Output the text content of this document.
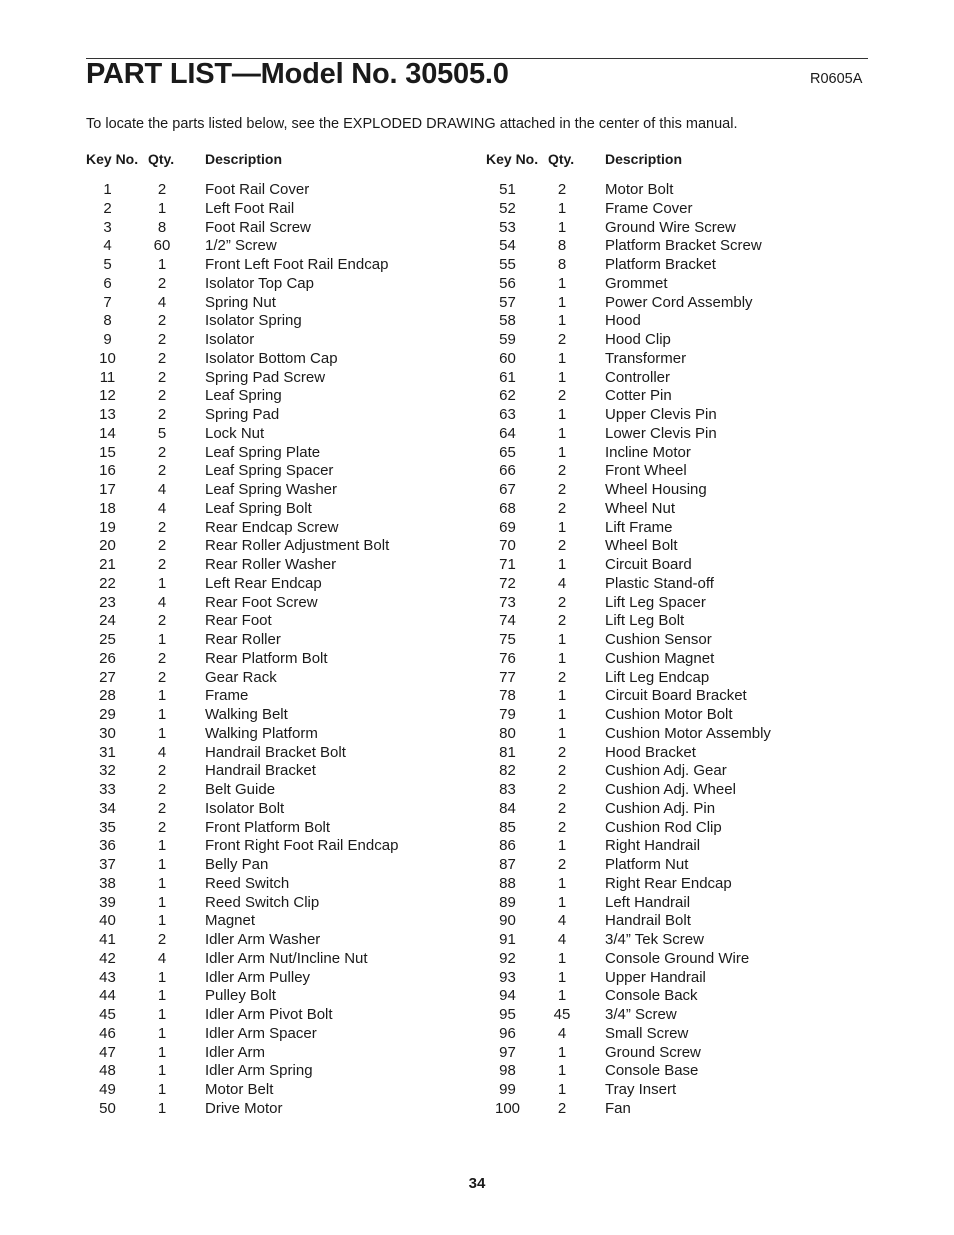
PART LIST—Model No. 30505.0	R0605A
To locate the parts listed below, see the EXPLODED DRAWING attached in the center of this manual.
Key No. Qty. Description
1	2	Foot Rail Cover
2	1	Left Foot Rail
3	8	Foot Rail Screw
4	60	1/2” Screw
5	1	Front Left Foot Rail Endcap
6	2	Isolator Top Cap
7	4	Spring Nut
8	2	Isolator Spring
9	2	Isolator
10	2	Isolator Bottom Cap
11	2	Spring Pad Screw
12	2	Leaf Spring
13	2	Spring Pad
14	5	Lock Nut
15	2	Leaf Spring Plate
16	2	Leaf Spring Spacer
17	4	Leaf Spring Washer
18	4	Leaf Spring Bolt
19	2	Rear Endcap Screw
20	2	Rear Roller Adjustment Bolt
21	2	Rear Roller Washer
22	1	Left Rear Endcap
23	4	Rear Foot Screw
24	2	Rear Foot
25	1	Rear Roller
26	2	Rear Platform Bolt
27	2	Gear Rack
28	1	Frame
29	1	Walking Belt
30	1	Walking Platform
31	4	Handrail Bracket Bolt
32	2	Handrail Bracket
33	2	Belt Guide
34	2	Isolator Bolt
35	2	Front Platform Bolt
36	1	Front Right Foot Rail Endcap
37	1	Belly Pan
38	1	Reed Switch
39	1	Reed Switch Clip
40	1	Magnet
41	2	Idler Arm Washer
42	4	Idler Arm Nut/Incline Nut
43	1	Idler Arm Pulley
44	1	Pulley Bolt
45	1	Idler Arm Pivot Bolt
46	1	Idler Arm Spacer
47	1	Idler Arm
48	1	Idler Arm Spring
49	1	Motor Belt
50	1	Drive Motor
Key No. Qty. Description
51	2	Motor Bolt
52	1	Frame Cover
53	1	Ground Wire Screw
54	8	Platform Bracket Screw
55	8	Platform Bracket
56	1	Grommet
57	1	Power Cord Assembly
58	1	Hood
59	2	Hood Clip
60	1	Transformer
61	1	Controller
62	2	Cotter Pin
63	1	Upper Clevis Pin
64	1	Lower Clevis Pin
65	1	Incline Motor
66	2	Front Wheel
67	2	Wheel Housing
68	2	Wheel Nut
69	1	Lift Frame
70	2	Wheel Bolt
71	1	Circuit Board
72	4	Plastic Stand-off
73	2	Lift Leg Spacer
74	2	Lift Leg Bolt
75	1	Cushion Sensor
76	1	Cushion Magnet
77	2	Lift Leg Endcap
78	1	Circuit Board Bracket
79	1	Cushion Motor Bolt
80	1	Cushion Motor Assembly
81	2	Hood Bracket
82	2	Cushion Adj. Gear
83	2	Cushion Adj. Wheel
84	2	Cushion Adj. Pin
85	2	Cushion Rod Clip
86	1	Right Handrail
87	2	Platform Nut
88	1	Right Rear Endcap
89	1	Left Handrail
90	4	Handrail Bolt
91	4	3/4” Tek Screw
92	1	Console Ground Wire
93	1	Upper Handrail
94	1	Console Back
95	45	3/4” Screw
96	4	Small Screw
97	1	Ground Screw
98	1	Console Base
99	1	Tray Insert
100	2	Fan
34
